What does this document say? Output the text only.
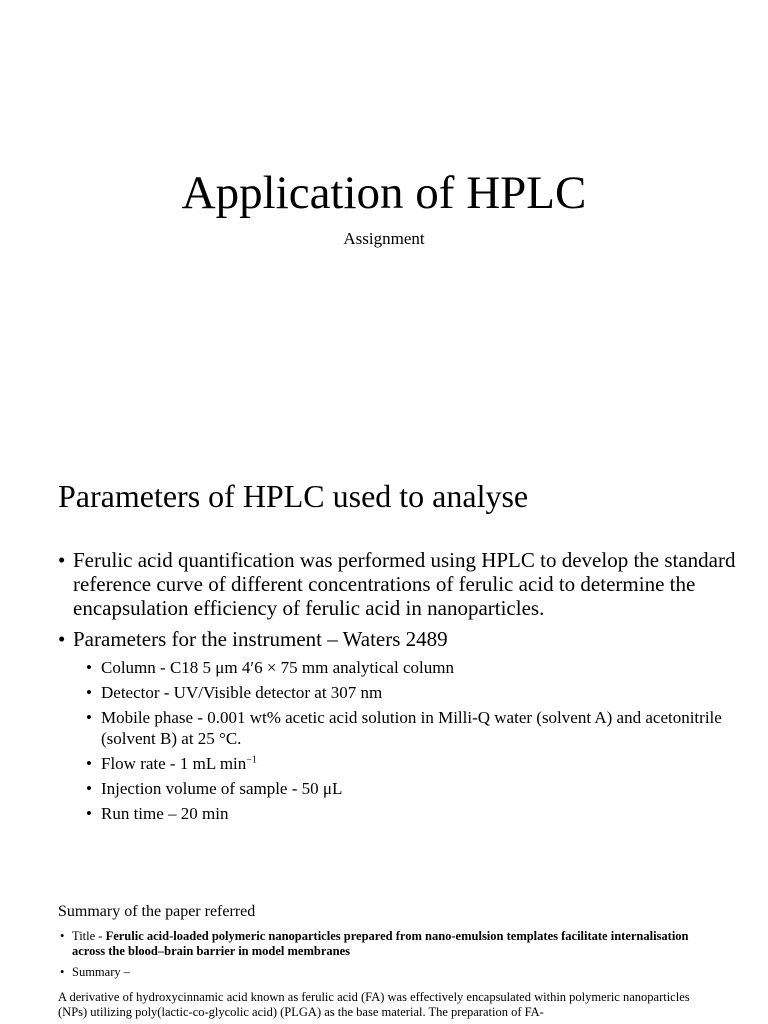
Application of HPLC

Assignment

Parameters of HPLC used to analyse
• Ferulic acid quantification was performed using HPLC to develop the standard reference curve of different concentrations of ferulic acid to determine the encapsulation efficiency of ferulic acid in nanoparticles.
• Parameters for the instrument – Waters 2489
• Column - C18 5 μm 4′6 × 75 mm analytical column
• Detector - UV/Visible detector at 307 nm
• Mobile phase - 0.001 wt% acetic acid solution in Milli-Q water (solvent A) and acetonitrile (solvent B) at 25 °C.
• Flow rate - 1 mL $\min^{-1}$
• Injection volume of sample - 50 μL
• Run time – 20 min
Summary of the paper referred
• Title - Ferulic acid-loaded polymeric nanoparticles prepared from nano-emulsion templates facilitate internalisation across the blood–brain barrier in model membranes
• Summary –

A derivative of hydroxycinnamic acid known as ferulic acid (FA) was effectively encapsulated within polymeric nanoparticles (NPs) utilizing poly(lactic-co-glycolic acid) (PLGA) as the base material. The preparation of FA-
